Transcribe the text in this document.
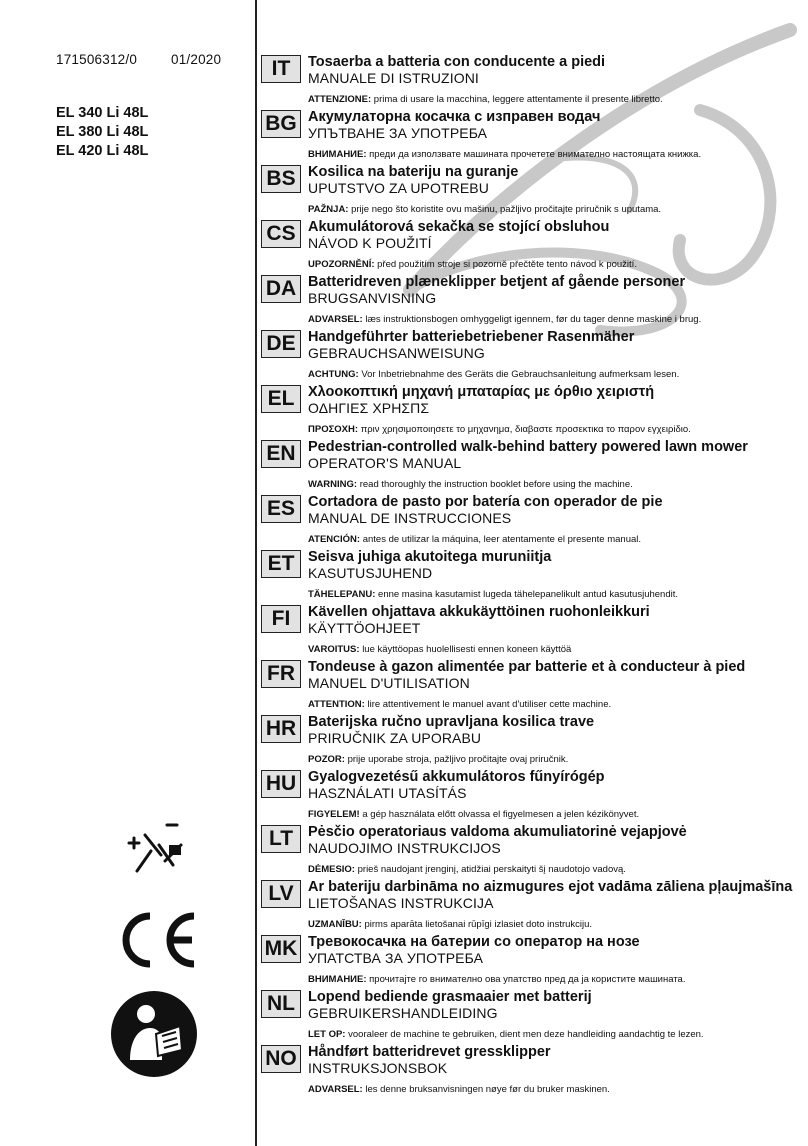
171506312/0	01/2020
EL 340 Li 48L
EL 380 Li 48L
EL 420 Li 48L
IT	Tosaerba a batteria con conducente a piedi
MANUALE DI ISTRUZIONI
ATTENZIONE: prima di usare la macchina, leggere attentamente il presente libretto.
BG Акумулаторна косачка с изправен водач
УПЪТВАНЕ ЗА УПОТРЕБА
ВНИМАНИЕ: преди да използвате машината прочетете внимателно настоящата книжка.
BS Kosilica na bateriju na guranje
UPUTSTVO ZA UPOTREBU
PAŽNJA: prije nego što koristite ovu mašinu, pažljivo pročitajte priručnik s uputama.
CS Akumulátorová sekačka se stojící obsluhou
NÁVOD K POUŽITÍ
UPOZORNĚNÍ: před použitím stroje si pozorně přečtěte tento návod k použití.
DA Batteridreven plæneklipper betjent af gående personer
BRUGSANVISNING
ADVARSEL: læs instruktionsbogen omhyggeligt igennem, før du tager denne maskine i brug.
DE Handgeführter batteriebetriebener Rasenmäher
GEBRAUCHSANWEISUNG
ACHTUNG: Vor Inbetriebnahme des Geräts die Gebrauchsanleitung aufmerksam lesen.
EL Χλοοκοπτική μηχανή μπαταρίας με όρθιο χειριστή
ΟΔΗΓΙΕΣ ΧΡΗΣΠΣ
ΠΡΟΣΟΧΗ: πριν χρησιμοποιησετε το μηχανημα, διαβαστε προσεκτικα το παρον εγχειρiδιο.
EN Pedestrian-controlled walk-behind battery powered lawn mower
OPERATOR'S MANUAL
WARNING: read thoroughly the instruction booklet before using the machine.
ES Cortadora de pasto por batería con operador de pie
MANUAL DE INSTRUCCIONES
ATENCIÓN: antes de utilizar la máquina, leer atentamente el presente manual.
ET Seisva juhiga akutoitega muruniitja
KASUTUSJUHEND
TÄHELEPANU: enne masina kasutamist lugeda tähelepanelikult antud kasutusjuhendit.
FI	Kävellen ohjattava akkukäyttöinen ruohonleikkuri
KÄYTTÖOHJEET
VAROITUS: lue käyttöopas huolellisesti ennen koneen käyttöä
FR Tondeuse à gazon alimentée par batterie et à conducteur à pied
MANUEL D'UTILISATION
ATTENTION: lire attentivement le manuel avant d'utiliser cette machine.
HR Baterijska ručno upravljana kosilica trave
PRIRUČNIK ZA UPORABU
POZOR: prije uporabe stroja, pažljivo pročitajte ovaj priručnik.
HU Gyalogvezetésű akkumulátoros fűnyírógép
HASZNÁLATI UTASÍTÁS
FIGYELEM! a gép használata előtt olvassa el figyelmesen a jelen kézikönyvet.
LT	Pėsčio operatoriaus valdoma akumuliatorinė vejapjovė
NAUDOJIMO INSTRUKCIJOS
DĖMESIO: prieš naudojant įrenginį, atidžiai perskaityti šį naudotojo vadovą.
LV Ar bateriju darbināma no aizmugures ejot vadāma zāliena pļaujmašīna
LIETOŠANAS INSTRUKCIJA
UZMANĪBU: pirms aparāta lietošanai rūpīgi izlasiet doto instrukciju.
MK Тревокосачка на батерии со оператор на нозе
УПАТСТВА ЗА УПОТРЕБА
ВНИМАНИЕ: прочитајте го внимателно ова упатство пред да ја користите машината.
NL Lopend bediende grasmaaier met batterij
GEBRUIKERSHANDLEIDING
LET OP: vooraleer de machine te gebruiken, dient men deze handleiding aandachtig te lezen.
NO Håndført batteridrevet gressklipper
INSTRUKSJONSBOK
ADVARSEL: les denne bruksanvisningen nøye før du bruker maskinen.
